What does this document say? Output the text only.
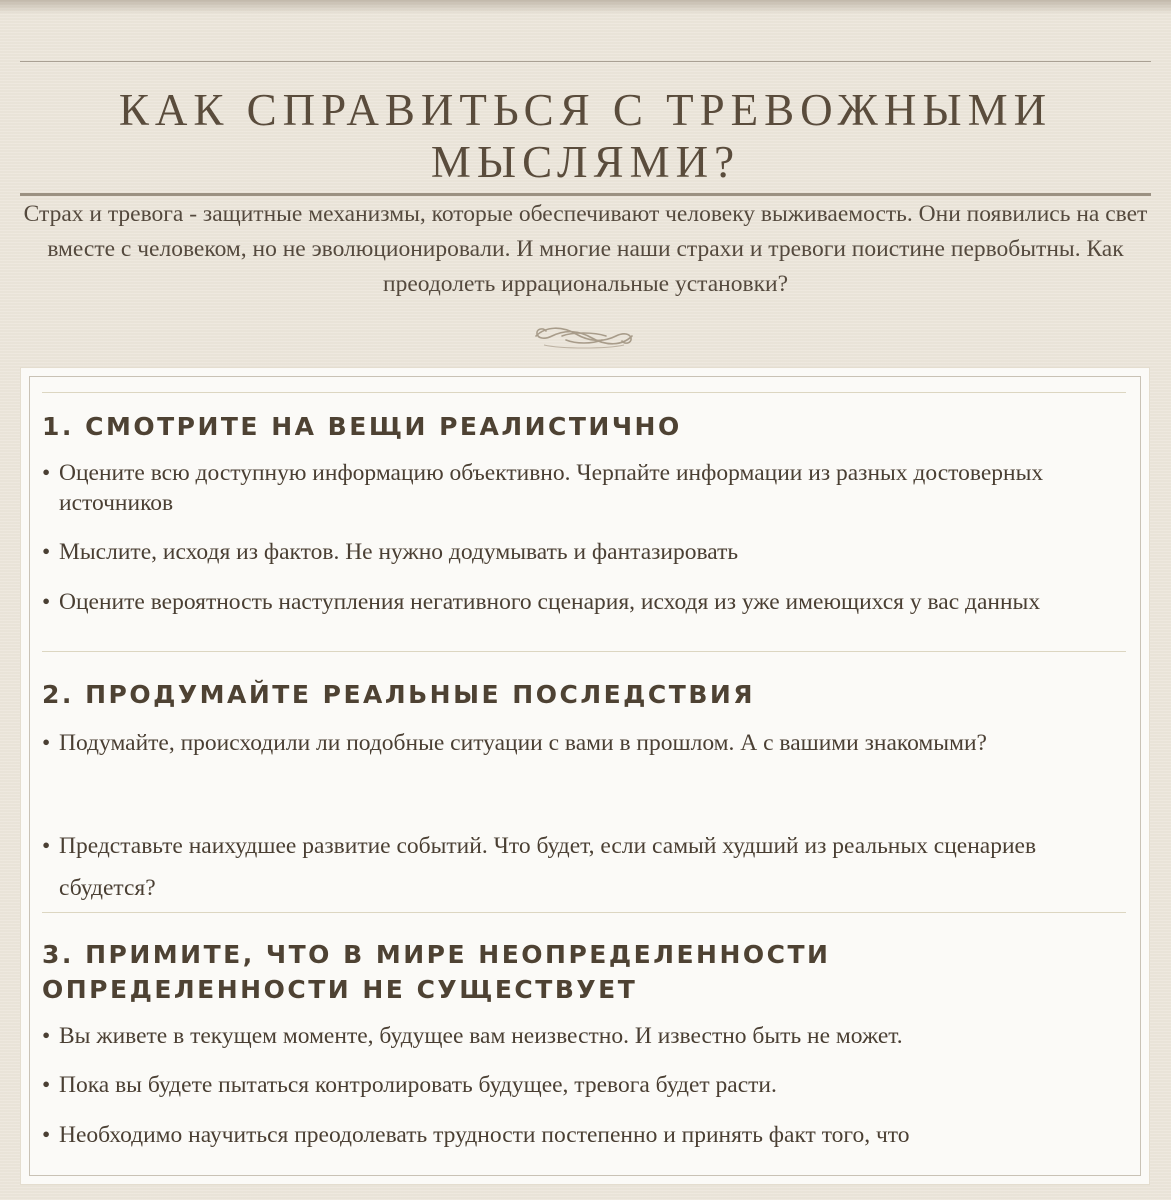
КАК СПРАВИТЬСЯ С ТРЕВОЖНЫМИ МЫСЛЯМИ?

Страх и тревога - защитные механизмы, которые обеспечивают человеку выживаемость. Они появились на свет вместе с человеком, но не эволюционировали. И многие наши страхи и тревоги поистине первобытны. Как преодолеть иррациональные установки?

1. СМОТРИТЕ НА ВЕЩИ РЕАЛИСТИЧНО
• Оцените всю доступную информацию объективно. Черпайте информации из разных достоверных источников
• Мыслите, исходя из фактов. Не нужно додумывать и фантазировать
• Оцените вероятность наступления негативного сценария, исходя из уже имеющихся у вас данных
2. ПРОДУМАЙТЕ РЕАЛЬНЫЕ ПОСЛЕДСТВИЯ
• Подумайте, происходили ли подобные ситуации с вами в прошлом. А с вашими знакомыми?
• Представьте наихудшее развитие событий. Что будет, если самый худший из реальных сценариев сбудется?
3. ПРИМИТЕ, ЧТО В МИРЕ НЕОПРЕДЕЛЕННОСТИ ОПРЕДЕЛЕННОСТИ НЕ СУЩЕСТВУЕТ
• Вы живете в текущем моменте, будущее вам неизвестно. И известно быть не может.
• Пока вы будете пытаться контролировать будущее, тревога будет расти.
• Необходимо научиться преодолевать трудности постепенно и принять факт того, что
